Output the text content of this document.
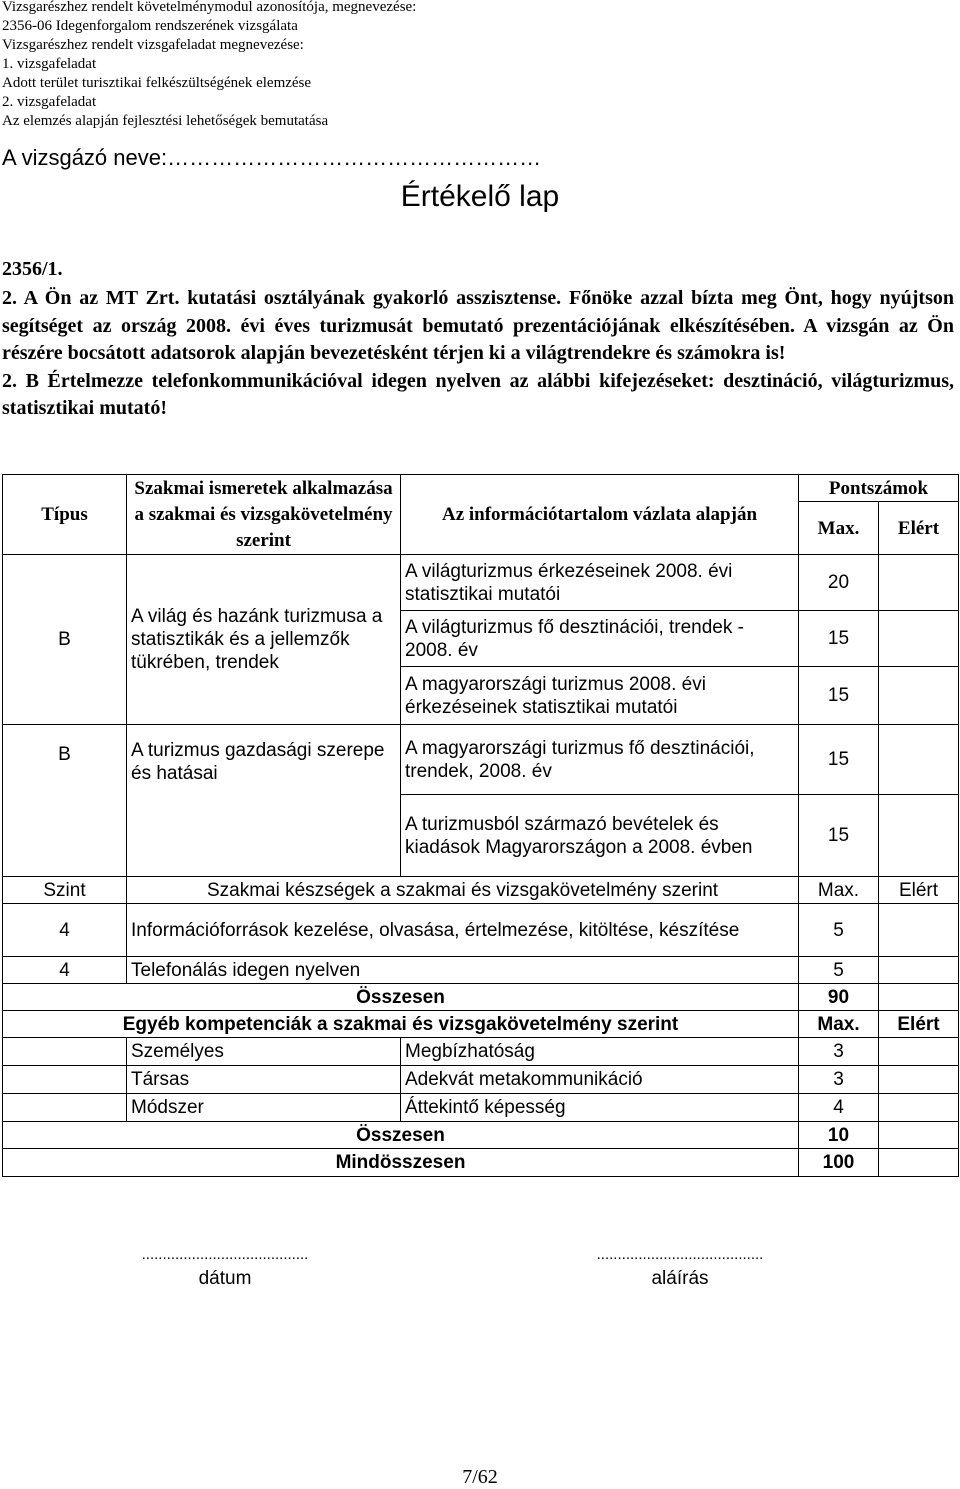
Vizsgarészhez rendelt követelménymodul azonosítója, megnevezése:
2356-06 Idegenforgalom rendszerének vizsgálata
Vizsgarészhez rendelt vizsgafeladat megnevezése:
1. vizsgafeladat
Adott terület turisztikai felkészültségének elemzése
2. vizsgafeladat
Az elemzés alapján fejlesztési lehetőségek bemutatása
A vizsgázó neve:……………………………………………
Értékelő lap
2356/1.

2. A Ön az MT Zrt. kutatási osztályának gyakorló asszisztense. Főnöke azzal bízta meg Önt, hogy nyújtson segítséget az ország 2008. évi éves turizmusát bemutató prezentációjának elkészítésében. A vizsgán az Ön részére bocsátott adatsorok alapján bevezetésként térjen ki a világtrendekre és számokra is!

2. B Értelmezze telefonkommunikációval idegen nyelven az alábbi kifejezéseket: desztináció, világturizmus, statisztikai mutató!

Típus	Szakmai ismeretek alkalmazása a szakmai és vizsgakövetelmény szerint	Az információtartalom vázlata alapján	Pontszámok	
			Max.	Elért
B	A világ és hazánk turizmusa a statisztikák és a jellemzők tükrében, trendek	A világturizmus érkezéseinek 2008. évi statisztikai mutatói	20	
		A világturizmus fő desztinációi, trendek - 2008. év	15	
		A magyarországi turizmus 2008. évi érkezéseinek statisztikai mutatói	15	
B	A turizmus gazdasági szerepe és hatásai	A magyarországi turizmus fő desztinációi, trendek, 2008. év	15	
		A turizmusból származó bevételek és kiadások Magyarországon a 2008. évben	15	
Szint	Szakmai készségek a szakmai és vizsgakövetelmény szerint		Max.	Elért
4	Információforrások kezelése, olvasása, értelmezése, kitöltése, készítése		5	
4	Telefonálás idegen nyelven		5	
Összesen			90	
Egyéb kompetenciák a szakmai és vizsgakövetelmény szerint			Max.	Elért
	Személyes	Megbízhatóság	3	
	Társas	Adekvát metakommunikáció	3	
	Módszer	Áttekintő képesség	4	
Összesen			10	
Mindösszesen			100	
........................................
dátum
........................................
aláírás
7/62
